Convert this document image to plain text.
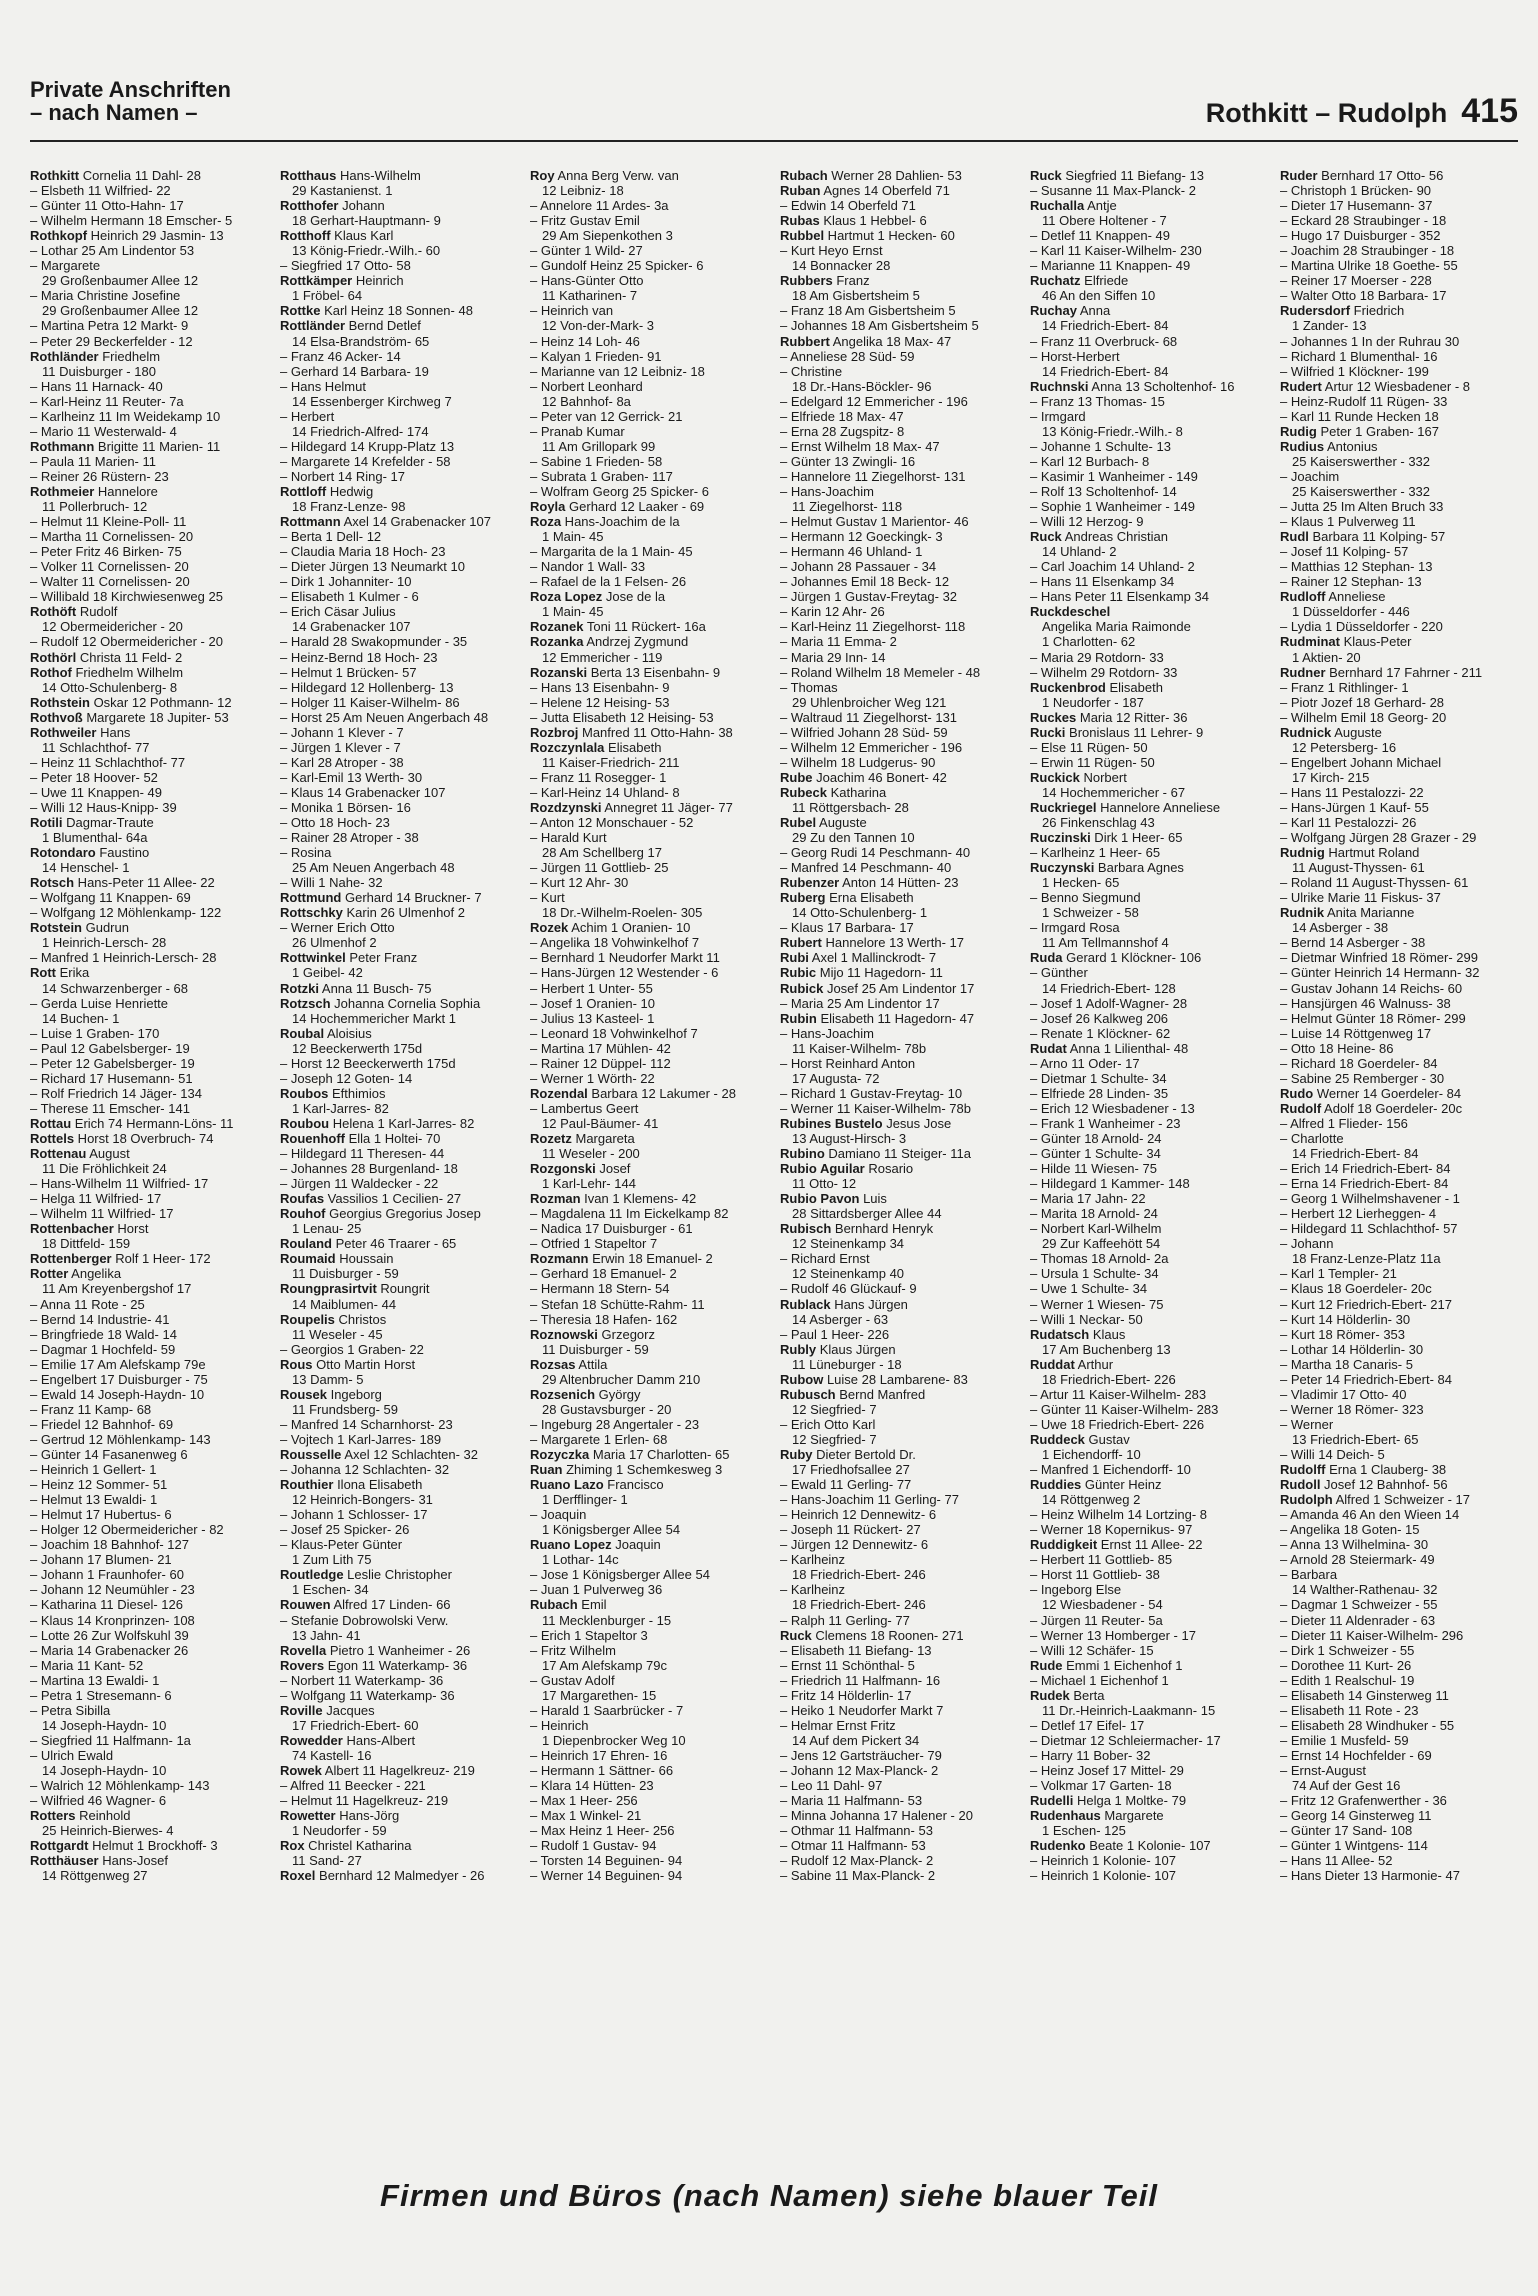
Private Anschriften
– nach Namen –	Rothkitt – Rudolph 415
Rothkitt Cornelia 11 Dahl- 28
– Elsbeth 11 Wilfried- 22
– Günter 11 Otto-Hahn- 17
– Wilhelm Hermann 18 Emscher- 5
Rothkopf Heinrich 29 Jasmin- 13
– Lothar 25 Am Lindentor 53
– Margarete
29 Großenbaumer Allee 12
– Maria Christine Josefine
29 Großenbaumer Allee 12
– Martina Petra 12 Markt- 9
– Peter 29 Beckerfelder - 12
Rothländer Friedhelm
11 Duisburger - 180
– Hans 11 Harnack- 40
– Karl-Heinz 11 Reuter- 7a
– Karlheinz 11 Im Weidekamp 10
– Mario 11 Westerwald- 4
Rothmann Brigitte 11 Marien- 11
– Paula 11 Marien- 11
– Reiner 26 Rüstern- 23
Rothmeier Hannelore
11 Pollerbruch- 12
– Helmut 11 Kleine-Poll- 11
– Martha 11 Cornelissen- 20
– Peter Fritz 46 Birken- 75
– Volker 11 Cornelissen- 20
– Walter 11 Cornelissen- 20
– Willibald 18 Kirchwiesenweg 25
Rothöft Rudolf
12 Obermeidericher - 20
– Rudolf 12 Obermeidericher - 20
Rothörl Christa 11 Feld- 2
Rothof Friedhelm Wilhelm
14 Otto-Schulenberg- 8
Rothstein Oskar 12 Pothmann- 12
Rothvoß Margarete 18 Jupiter- 53
Rothweiler Hans
11 Schlachthof- 77
– Heinz 11 Schlachthof- 77
– Peter 18 Hoover- 52
– Uwe 11 Knappen- 49
– Willi 12 Haus-Knipp- 39
Rotili Dagmar-Traute
1 Blumenthal- 64a
Rotondaro Faustino
14 Henschel- 1
Rotsch Hans-Peter 11 Allee- 22
– Wolfgang 11 Knappen- 69
– Wolfgang 12 Möhlenkamp- 122
Rotstein Gudrun
1 Heinrich-Lersch- 28
– Manfred 1 Heinrich-Lersch- 28
Rott Erika
14 Schwarzenberger - 68
– Gerda Luise Henriette
14 Buchen- 1
– Luise 1 Graben- 170
– Paul 12 Gabelsberger- 19
– Peter 12 Gabelsberger- 19
– Richard 17 Husemann- 51
– Rolf Friedrich 14 Jäger- 134
– Therese 11 Emscher- 141
Rottau Erich 74 Hermann-Löns- 11
Rottels Horst 18 Overbruch- 74
Rottenau August
11 Die Fröhlichkeit 24
– Hans-Wilhelm 11 Wilfried- 17
– Helga 11 Wilfried- 17
– Wilhelm 11 Wilfried- 17
Rottenbacher Horst
18 Dittfeld- 159
Rottenberger Rolf 1 Heer- 172
Rotter Angelika
11 Am Kreyenbergshof 17
– Anna 11 Rote - 25
– Bernd 14 Industrie- 41
– Bringfriede 18 Wald- 14
– Dagmar 1 Hochfeld- 59
– Emilie 17 Am Alefskamp 79e
– Engelbert 17 Duisburger - 75
– Ewald 14 Joseph-Haydn- 10
– Franz 11 Kamp- 68
– Friedel 12 Bahnhof- 69
– Gertrud 12 Möhlenkamp- 143
– Günter 14 Fasanenweg 6
– Heinrich 1 Gellert- 1
– Heinz 12 Sommer- 51
– Helmut 13 Ewaldi- 1
– Helmut 17 Hubertus- 6
– Holger 12 Obermeidericher - 82
– Joachim 18 Bahnhof- 127
– Johann 17 Blumen- 21
– Johann 1 Fraunhofer- 60
– Johann 12 Neumühler - 23
– Katharina 11 Diesel- 126
– Klaus 14 Kronprinzen- 108
– Lotte 26 Zur Wolfskuhl 39
– Maria 14 Grabenacker 26
– Maria 11 Kant- 52
– Martina 13 Ewaldi- 1
– Petra 1 Stresemann- 6
– Petra Sibilla
14 Joseph-Haydn- 10
– Siegfried 11 Halfmann- 1a
– Ulrich Ewald
14 Joseph-Haydn- 10
– Walrich 12 Möhlenkamp- 143
– Wilfried 46 Wagner- 6
Rotters Reinhold
25 Heinrich-Bierwes- 4
Rottgardt Helmut 1 Brockhoff- 3
Rotthäuser Hans-Josef
14 Röttgenweg 27
Rotthaus Hans-Wilhelm
29 Kastanienst. 1
Rotthofer Johann
18 Gerhart-Hauptmann- 9
Rotthoff Klaus Karl
13 König-Friedr.-Wilh.- 60
– Siegfried 17 Otto- 58
Rottkämper Heinrich
1 Fröbel- 64
Rottke Karl Heinz 18 Sonnen- 48
Rottländer Bernd Detlef
14 Elsa-Brandström- 65
– Franz 46 Acker- 14
– Gerhard 14 Barbara- 19
– Hans Helmut
14 Essenberger Kirchweg 7
– Herbert
14 Friedrich-Alfred- 174
– Hildegard 14 Krupp-Platz 13
– Margarete 14 Krefelder - 58
– Norbert 14 Ring- 17
Rottloff Hedwig
18 Franz-Lenze- 98
Rottmann Axel 14 Grabenacker 107
– Berta 1 Dell- 12
– Claudia Maria 18 Hoch- 23
– Dieter Jürgen 13 Neumarkt 10
– Dirk 1 Johanniter- 10
– Elisabeth 1 Kulmer - 6
– Erich Cäsar Julius
14 Grabenacker 107
– Harald 28 Swakopmunder - 35
– Heinz-Bernd 18 Hoch- 23
– Helmut 1 Brücken- 57
– Hildegard 12 Hollenberg- 13
– Holger 11 Kaiser-Wilhelm- 86
– Horst 25 Am Neuen Angerbach 48
– Johann 1 Klever - 7
– Jürgen 1 Klever - 7
– Karl 28 Atroper - 38
– Karl-Emil 13 Werth- 30
– Klaus 14 Grabenacker 107
– Monika 1 Börsen- 16
– Otto 18 Hoch- 23
– Rainer 28 Atroper - 38
– Rosina
25 Am Neuen Angerbach 48
– Willi 1 Nahe- 32
Rottmund Gerhard 14 Bruckner- 7
Rottschky Karin 26 Ulmenhof 2
– Werner Erich Otto
26 Ulmenhof 2
Rottwinkel Peter Franz
1 Geibel- 42
Rotzki Anna 11 Busch- 75
Rotzsch Johanna Cornelia Sophia
14 Hochemmericher Markt 1
Roubal Aloisius
12 Beeckerwerth 175d
– Horst 12 Beeckerwerth 175d
– Joseph 12 Goten- 14
Roubos Efthimios
1 Karl-Jarres- 82
Roubou Helena 1 Karl-Jarres- 82
Rouenhoff Ella 1 Holtei- 70
– Hildegard 11 Theresen- 44
– Johannes 28 Burgenland- 18
– Jürgen 11 Waldecker - 22
Roufas Vassilios 1 Cecilien- 27
Rouhof Georgius Gregorius Josep
1 Lenau- 25
Rouland Peter 46 Traarer - 65
Roumaid Houssain
11 Duisburger - 59
Roungprasirtvit Roungrit
14 Maiblumen- 44
Roupelis Christos
11 Weseler - 45
– Georgios 1 Graben- 22
Rous Otto Martin Horst
13 Damm- 5
Rousek Ingeborg
11 Frundsberg- 59
– Manfred 14 Scharnhorst- 23
– Vojtech 1 Karl-Jarres- 189
Rousselle Axel 12 Schlachten- 32
– Johanna 12 Schlachten- 32
Routhier Ilona Elisabeth
12 Heinrich-Bongers- 31
– Johann 1 Schlosser- 17
– Josef 25 Spicker- 26
– Klaus-Peter Günter
1 Zum Lith 75
Routledge Leslie Christopher
1 Eschen- 34
Rouwen Alfred 17 Linden- 66
– Stefanie Dobrowolski Verw.
13 Jahn- 41
Rovella Pietro 1 Wanheimer - 26
Rovers Egon 11 Waterkamp- 36
– Norbert 11 Waterkamp- 36
– Wolfgang 11 Waterkamp- 36
Roville Jacques
17 Friedrich-Ebert- 60
Rowedder Hans-Albert
74 Kastell- 16
Rowek Albert 11 Hagelkreuz- 219
– Alfred 11 Beecker - 221
– Helmut 11 Hagelkreuz- 219
Rowetter Hans-Jörg
1 Neudorfer - 59
Rox Christel Katharina
11 Sand- 27
Roxel Bernhard 12 Malmedyer - 26
Roy Anna Berg Verw. van
12 Leibniz- 18
– Annelore 11 Ardes- 3a
– Fritz Gustav Emil
29 Am Siepenkothen 3
– Günter 1 Wild- 27
– Gundolf Heinz 25 Spicker- 6
– Hans-Günter Otto
11 Katharinen- 7
– Heinrich van
12 Von-der-Mark- 3
– Heinz 14 Loh- 46
– Kalyan 1 Frieden- 91
– Marianne van 12 Leibniz- 18
– Norbert Leonhard
12 Bahnhof- 8a
– Peter van 12 Gerrick- 21
– Pranab Kumar
11 Am Grillopark 99
– Sabine 1 Frieden- 58
– Subrata 1 Graben- 117
– Wolfram Georg 25 Spicker- 6
Royla Gerhard 12 Laaker - 69
Roza Hans-Joachim de la
1 Main- 45
– Margarita de la 1 Main- 45
– Nandor 1 Wall- 33
– Rafael de la 1 Felsen- 26
Roza Lopez Jose de la
1 Main- 45
Rozanek Toni 11 Rückert- 16a
Rozanka Andrzej Zygmund
12 Emmericher - 119
Rozanski Berta 13 Eisenbahn- 9
– Hans 13 Eisenbahn- 9
– Helene 12 Heising- 53
– Jutta Elisabeth 12 Heising- 53
Rozbroj Manfred 11 Otto-Hahn- 38
Rozczynlala Elisabeth
11 Kaiser-Friedrich- 211
– Franz 11 Rosegger- 1
– Karl-Heinz 14 Uhland- 8
Rozdzynski Annegret 11 Jäger- 77
– Anton 12 Monschauer - 52
– Harald Kurt
28 Am Schellberg 17
– Jürgen 11 Gottlieb- 25
– Kurt 12 Ahr- 30
– Kurt
18 Dr.-Wilhelm-Roelen- 305
Rozek Achim 1 Oranien- 10
– Angelika 18 Vohwinkelhof 7
– Bernhard 1 Neudorfer Markt 11
– Hans-Jürgen 12 Westender - 6
– Herbert 1 Unter- 55
– Josef 1 Oranien- 10
– Julius 13 Kasteel- 1
– Leonard 18 Vohwinkelhof 7
– Martina 17 Mühlen- 42
– Rainer 12 Düppel- 112
– Werner 1 Wörth- 22
Rozendal Barbara 12 Lakumer - 28
– Lambertus Geert
12 Paul-Bäumer- 41
Rozetz Margareta
11 Weseler - 200
Rozgonski Josef
1 Karl-Lehr- 144
Rozman Ivan 1 Klemens- 42
– Magdalena 11 Im Eickelkamp 82
– Nadica 17 Duisburger - 61
– Otfried 1 Stapeltor 7
Rozmann Erwin 18 Emanuel- 2
– Gerhard 18 Emanuel- 2
– Hermann 18 Stern- 54
– Stefan 18 Schütte-Rahm- 11
– Theresia 18 Hafen- 162
Roznowski Grzegorz
11 Duisburger - 59
Rozsas Attila
29 Altenbrucher Damm 210
Rozsenich György
28 Gustavsburger - 20
– Ingeburg 28 Angertaler - 23
– Margarete 1 Erlen- 68
Rozyczka Maria 17 Charlotten- 65
Ruan Zhiming 1 Schemkesweg 3
Ruano Lazo Francisco
1 Derfflinger- 1
– Joaquin
1 Königsberger Allee 54
Ruano Lopez Joaquin
1 Lothar- 14c
– Jose 1 Königsberger Allee 54
– Juan 1 Pulverweg 36
Rubach Emil
11 Mecklenburger - 15
– Erich 1 Stapeltor 3
– Fritz Wilhelm
17 Am Alefskamp 79c
– Gustav Adolf
17 Margarethen- 15
– Harald 1 Saarbrücker - 7
– Heinrich
1 Diepenbrocker Weg 10
– Heinrich 17 Ehren- 16
– Hermann 1 Sättner- 66
– Klara 14 Hütten- 23
– Max 1 Heer- 256
– Max 1 Winkel- 21
– Max Heinz 1 Heer- 256
– Rudolf 1 Gustav- 94
– Torsten 14 Beguinen- 94
– Werner 14 Beguinen- 94
Rubach Werner 28 Dahlien- 53
Ruban Agnes 14 Oberfeld 71
– Edwin 14 Oberfeld 71
Rubas Klaus 1 Hebbel- 6
Rubbel Hartmut 1 Hecken- 60
– Kurt Heyo Ernst
14 Bonnacker 28
Rubbers Franz
18 Am Gisbertsheim 5
– Franz 18 Am Gisbertsheim 5
– Johannes 18 Am Gisbertsheim 5
Rubbert Angelika 18 Max- 47
– Anneliese 28 Süd- 59
– Christine
18 Dr.-Hans-Böckler- 96
– Edelgard 12 Emmericher - 196
– Elfriede 18 Max- 47
– Erna 28 Zugspitz- 8
– Ernst Wilhelm 18 Max- 47
– Günter 13 Zwingli- 16
– Hannelore 11 Ziegelhorst- 131
– Hans-Joachim
11 Ziegelhorst- 118
– Helmut Gustav 1 Marientor- 46
– Hermann 12 Goeckingk- 3
– Hermann 46 Uhland- 1
– Johann 28 Passauer - 34
– Johannes Emil 18 Beck- 12
– Jürgen 1 Gustav-Freytag- 32
– Karin 12 Ahr- 26
– Karl-Heinz 11 Ziegelhorst- 118
– Maria 11 Emma- 2
– Maria 29 Inn- 14
– Roland Wilhelm 18 Memeler - 48
– Thomas
29 Uhlenbroicher Weg 121
– Waltraud 11 Ziegelhorst- 131
– Wilfried Johann 28 Süd- 59
– Wilhelm 12 Emmericher - 196
– Wilhelm 18 Ludgerus- 90
Rube Joachim 46 Bonert- 42
Rubeck Katharina
11 Röttgersbach- 28
Rubel Auguste
29 Zu den Tannen 10
– Georg Rudi 14 Peschmann- 40
– Manfred 14 Peschmann- 40
Rubenzer Anton 14 Hütten- 23
Ruberg Erna Elisabeth
14 Otto-Schulenberg- 1
– Klaus 17 Barbara- 17
Rubert Hannelore 13 Werth- 17
Rubi Axel 1 Mallinckrodt- 7
Rubic Mijo 11 Hagedorn- 11
Rubick Josef 25 Am Lindentor 17
– Maria 25 Am Lindentor 17
Rubin Elisabeth 11 Hagedorn- 47
– Hans-Joachim
11 Kaiser-Wilhelm- 78b
– Horst Reinhard Anton
17 Augusta- 72
– Richard 1 Gustav-Freytag- 10
– Werner 11 Kaiser-Wilhelm- 78b
Rubines Bustelo Jesus Jose
13 August-Hirsch- 3
Rubino Damiano 11 Steiger- 11a
Rubio Aguilar Rosario
11 Otto- 12
Rubio Pavon Luis
28 Sittardsberger Allee 44
Rubisch Bernhard Henryk
12 Steinenkamp 34
– Richard Ernst
12 Steinenkamp 40
– Rudolf 46 Glückauf- 9
Rublack Hans Jürgen
14 Asberger - 63
– Paul 1 Heer- 226
Rubly Klaus Jürgen
11 Lüneburger - 18
Rubow Luise 28 Lambarene- 83
Rubusch Bernd Manfred
12 Siegfried- 7
– Erich Otto Karl
12 Siegfried- 7
Ruby Dieter Bertold Dr.
17 Friedhofsallee 27
– Ewald 11 Gerling- 77
– Hans-Joachim 11 Gerling- 77
– Heinrich 12 Dennewitz- 6
– Joseph 11 Rückert- 27
– Jürgen 12 Dennewitz- 6
– Karlheinz
18 Friedrich-Ebert- 246
– Karlheinz
18 Friedrich-Ebert- 246
– Ralph 11 Gerling- 77
Ruck Clemens 18 Roonen- 271
– Elisabeth 11 Biefang- 13
– Ernst 11 Schönthal- 5
– Friedrich 11 Halfmann- 16
– Fritz 14 Hölderlin- 17
– Heiko 1 Neudorfer Markt 7
– Helmar Ernst Fritz
14 Auf dem Pickert 34
– Jens 12 Gartsträucher- 79
– Johann 12 Max-Planck- 2
– Leo 11 Dahl- 97
– Maria 11 Halfmann- 53
– Minna Johanna 17 Halener - 20
– Othmar 11 Halfmann- 53
– Otmar 11 Halfmann- 53
– Rudolf 12 Max-Planck- 2
– Sabine 11 Max-Planck- 2
Ruck Siegfried 11 Biefang- 13
– Susanne 11 Max-Planck- 2
Ruchalla Antje
11 Obere Holtener - 7
– Detlef 11 Knappen- 49
– Karl 11 Kaiser-Wilhelm- 230
– Marianne 11 Knappen- 49
Ruchatz Elfriede
46 An den Siffen 10
Ruchay Anna
14 Friedrich-Ebert- 84
– Franz 11 Overbruck- 68
– Horst-Herbert
14 Friedrich-Ebert- 84
Ruchnski Anna 13 Scholtenhof- 16
– Franz 13 Thomas- 15
– Irmgard
13 König-Friedr.-Wilh.- 8
– Johanne 1 Schulte- 13
– Karl 12 Burbach- 8
– Kasimir 1 Wanheimer - 149
– Rolf 13 Scholtenhof- 14
– Sophie 1 Wanheimer - 149
– Willi 12 Herzog- 9
Ruck Andreas Christian
14 Uhland- 2
– Carl Joachim 14 Uhland- 2
– Hans 11 Elsenkamp 34
– Hans Peter 11 Elsenkamp 34
Ruckdeschel
Angelika Maria Raimonde
1 Charlotten- 62
– Maria 29 Rotdorn- 33
– Wilhelm 29 Rotdorn- 33
Ruckenbrod Elisabeth
1 Neudorfer - 187
Ruckes Maria 12 Ritter- 36
Rucki Bronislaus 11 Lehrer- 9
– Else 11 Rügen- 50
– Erwin 11 Rügen- 50
Ruckick Norbert
14 Hochemmericher - 67
Ruckriegel Hannelore Anneliese
26 Finkenschlag 43
Ruczinski Dirk 1 Heer- 65
– Karlheinz 1 Heer- 65
Ruczynski Barbara Agnes
1 Hecken- 65
– Benno Siegmund
1 Schweizer - 58
– Irmgard Rosa
11 Am Tellmannshof 4
Ruda Gerard 1 Klöckner- 106
– Günther
14 Friedrich-Ebert- 128
– Josef 1 Adolf-Wagner- 28
– Josef 26 Kalkweg 206
– Renate 1 Klöckner- 62
Rudat Anna 1 Lilienthal- 48
– Arno 11 Oder- 17
– Dietmar 1 Schulte- 34
– Elfriede 28 Linden- 35
– Erich 12 Wiesbadener - 13
– Frank 1 Wanheimer - 23
– Günter 18 Arnold- 24
– Günter 1 Schulte- 34
– Hilde 11 Wiesen- 75
– Hildegard 1 Kammer- 148
– Maria 17 Jahn- 22
– Marita 18 Arnold- 24
– Norbert Karl-Wilhelm
29 Zur Kaffeehött 54
– Thomas 18 Arnold- 2a
– Ursula 1 Schulte- 34
– Uwe 1 Schulte- 34
– Werner 1 Wiesen- 75
– Willi 1 Neckar- 50
Rudatsch Klaus
17 Am Buchenberg 13
Ruddat Arthur
18 Friedrich-Ebert- 226
– Artur 11 Kaiser-Wilhelm- 283
– Günter 11 Kaiser-Wilhelm- 283
– Uwe 18 Friedrich-Ebert- 226
Ruddeck Gustav
1 Eichendorff- 10
– Manfred 1 Eichendorff- 10
Ruddies Günter Heinz
14 Röttgenweg 2
– Heinz Wilhelm 14 Lortzing- 8
– Werner 18 Kopernikus- 97
Ruddigkeit Ernst 11 Allee- 22
– Herbert 11 Gottlieb- 85
– Horst 11 Gottlieb- 38
– Ingeborg Else
12 Wiesbadener - 54
– Jürgen 11 Reuter- 5a
– Werner 13 Homberger - 17
– Willi 12 Schäfer- 15
Rude Emmi 1 Eichenhof 1
– Michael 1 Eichenhof 1
Rudek Berta
11 Dr.-Heinrich-Laakmann- 15
– Detlef 17 Eifel- 17
– Dietmar 12 Schleiermacher- 17
– Harry 11 Bober- 32
– Heinz Josef 17 Mittel- 29
– Volkmar 17 Garten- 18
Rudelli Helga 1 Moltke- 79
Rudenhaus Margarete
1 Eschen- 125
Rudenko Beate 1 Kolonie- 107
– Heinrich 1 Kolonie- 107
– Heinrich 1 Kolonie- 107
Ruder Bernhard 17 Otto- 56
– Christoph 1 Brücken- 90
– Dieter 17 Husemann- 37
– Eckard 28 Straubinger - 18
– Hugo 17 Duisburger - 352
– Joachim 28 Straubinger - 18
– Martina Ulrike 18 Goethe- 55
– Reiner 17 Moerser - 228
– Walter Otto 18 Barbara- 17
Rudersdorf Friedrich
1 Zander- 13
– Johannes 1 In der Ruhrau 30
– Richard 1 Blumenthal- 16
– Wilfried 1 Klöckner- 199
Rudert Artur 12 Wiesbadener - 8
– Heinz-Rudolf 11 Rügen- 33
– Karl 11 Runde Hecken 18
Rudig Peter 1 Graben- 167
Rudius Antonius
25 Kaiserswerther - 332
– Joachim
25 Kaiserswerther - 332
– Jutta 25 Im Alten Bruch 33
– Klaus 1 Pulverweg 11
Rudl Barbara 11 Kolping- 57
– Josef 11 Kolping- 57
– Matthias 12 Stephan- 13
– Rainer 12 Stephan- 13
Rudloff Anneliese
1 Düsseldorfer - 446
– Lydia 1 Düsseldorfer - 220
Rudminat Klaus-Peter
1 Aktien- 20
Rudner Bernhard 17 Fahrner - 211
– Franz 1 Rithlinger- 1
– Piotr Jozef 18 Gerhard- 28
– Wilhelm Emil 18 Georg- 20
Rudnick Auguste
12 Petersberg- 16
– Engelbert Johann Michael
17 Kirch- 215
– Hans 11 Pestalozzi- 22
– Hans-Jürgen 1 Kauf- 55
– Karl 11 Pestalozzi- 26
– Wolfgang Jürgen 28 Grazer - 29
Rudnig Hartmut Roland
11 August-Thyssen- 61
– Roland 11 August-Thyssen- 61
– Ulrike Marie 11 Fiskus- 37
Rudnik Anita Marianne
14 Asberger - 38
– Bernd 14 Asberger - 38
– Dietmar Winfried 18 Römer- 299
– Günter Heinrich 14 Hermann- 32
– Gustav Johann 14 Reichs- 60
– Hansjürgen 46 Walnuss- 38
– Helmut Günter 18 Römer- 299
– Luise 14 Röttgenweg 17
– Otto 18 Heine- 86
– Richard 18 Goerdeler- 84
– Sabine 25 Remberger - 30
Rudo Werner 14 Goerdeler- 84
Rudolf Adolf 18 Goerdeler- 20c
– Alfred 1 Flieder- 156
– Charlotte
14 Friedrich-Ebert- 84
– Erich 14 Friedrich-Ebert- 84
– Erna 14 Friedrich-Ebert- 84
– Georg 1 Wilhelmshavener - 1
– Herbert 12 Lierheggen- 4
– Hildegard 11 Schlachthof- 57
– Johann
18 Franz-Lenze-Platz 11a
– Karl 1 Templer- 21
– Klaus 18 Goerdeler- 20c
– Kurt 12 Friedrich-Ebert- 217
– Kurt 14 Hölderlin- 30
– Kurt 18 Römer- 353
– Lothar 14 Hölderlin- 30
– Martha 18 Canaris- 5
– Peter 14 Friedrich-Ebert- 84
– Vladimir 17 Otto- 40
– Werner 18 Römer- 323
– Werner
13 Friedrich-Ebert- 65
– Willi 14 Deich- 5
Rudolff Erna 1 Clauberg- 38
Rudoll Josef 12 Bahnhof- 56
Rudolph Alfred 1 Schweizer - 17
– Amanda 46 An den Wieen 14
– Angelika 18 Goten- 15
– Anna 13 Wilhelmina- 30
– Arnold 28 Steiermark- 49
– Barbara
14 Walther-Rathenau- 32
– Dagmar 1 Schweizer - 55
– Dieter 11 Aldenrader - 63
– Dieter 11 Kaiser-Wilhelm- 296
– Dirk 1 Schweizer - 55
– Dorothee 11 Kurt- 26
– Edith 1 Realschul- 19
– Elisabeth 14 Ginsterweg 11
– Elisabeth 11 Rote - 23
– Elisabeth 28 Windhuker - 55
– Emilie 1 Musfeld- 59
– Ernst 14 Hochfelder - 69
– Ernst-August
74 Auf der Gest 16
– Fritz 12 Grafenwerther - 36
– Georg 14 Ginsterweg 11
– Günter 17 Sand- 108
– Günter 1 Wintgens- 114
– Hans 11 Allee- 52
– Hans Dieter 13 Harmonie- 47
Firmen und Büros (nach Namen) siehe blauer Teil
